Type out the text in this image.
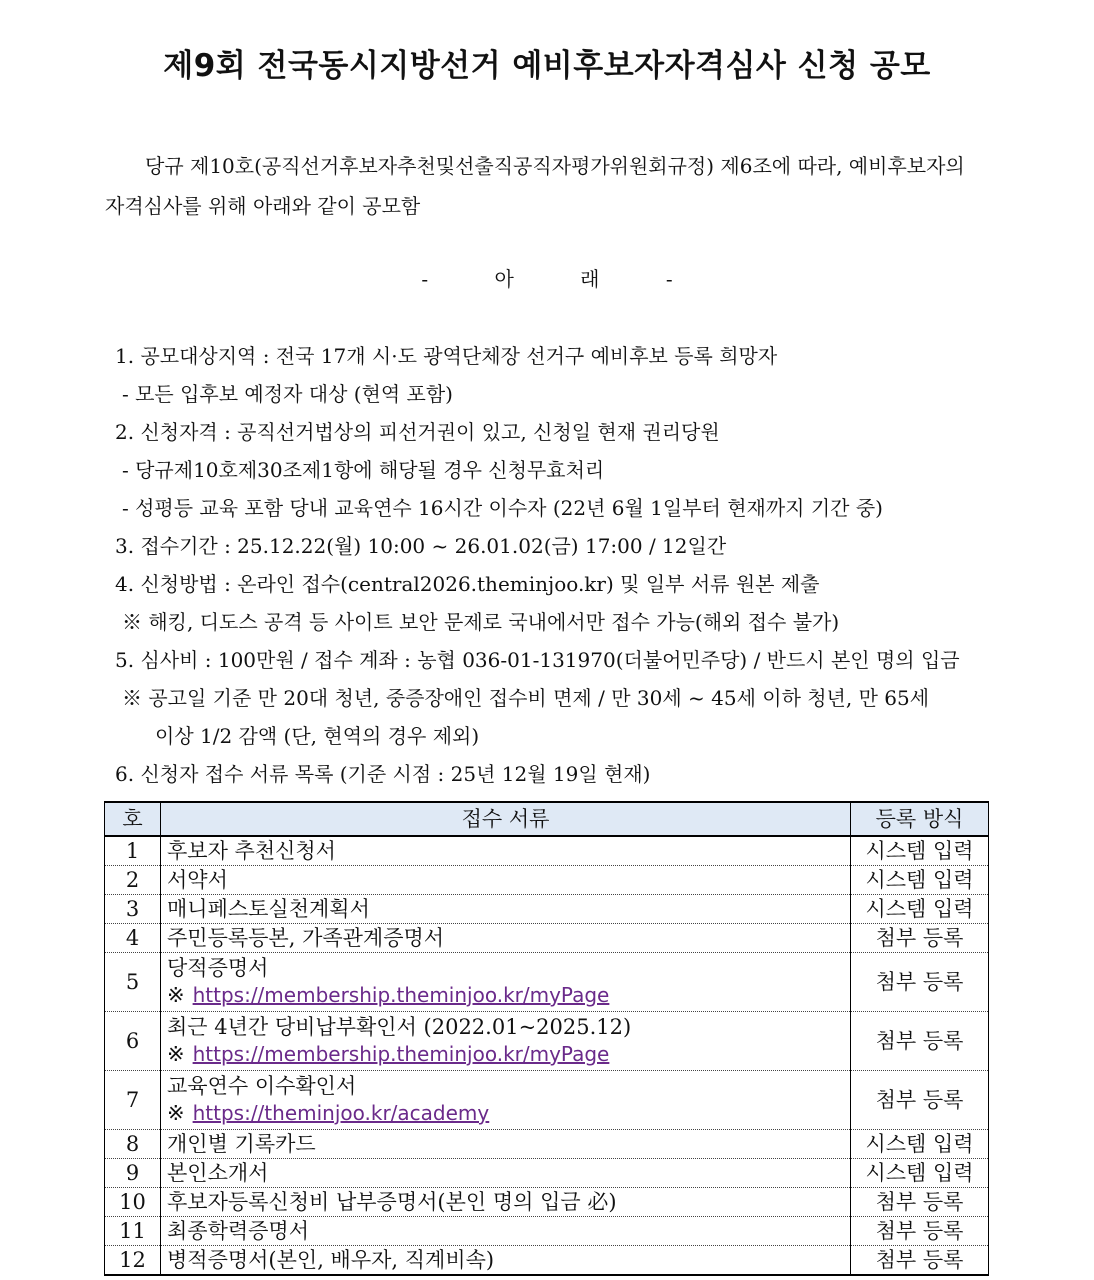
제9회 전국동시지방선거 예비후보자자격심사 신청 공모
당규 제10호(공직선거후보자추천및선출직공직자평가위원회규정) 제6조에 따라, 예비후보자의 자격심사를 위해 아래와 같이 공모함
- 아 래 -
1. 공모대상지역 : 전국 17개 시·도 광역단체장 선거구 예비후보 등록 희망자
- 모든 입후보 예정자 대상 (현역 포함)
2. 신청자격 : 공직선거법상의 피선거권이 있고, 신청일 현재 권리당원
- 당규제10호제30조제1항에 해당될 경우 신청무효처리
- 성평등 교육 포함 당내 교육연수 16시간 이수자 (22년 6월 1일부터 현재까지 기간 중)
3. 접수기간 : 25.12.22(월) 10:00 ~ 26.01.02(금) 17:00 / 12일간
4. 신청방법 : 온라인 접수(central2026.theminjoo.kr) 및 일부 서류 원본 제출
※ 해킹, 디도스 공격 등 사이트 보안 문제로 국내에서만 접수 가능(해외 접수 불가)
5. 심사비 : 100만원 / 접수 계좌 : 농협 036-01-131970(더불어민주당) / 반드시 본인 명의 입금
※ 공고일 기준 만 20대 청년, 중증장애인 접수비 면제 / 만 30세 ~ 45세 이하 청년, 만 65세
이상 1/2 감액 (단, 현역의 경우 제외)
6. 신청자 접수 서류 목록 (기준 시점 : 25년 12월 19일 현재)
호	접수 서류	등록 방식
1	후보자 추천신청서	시스템 입력
2	서약서	시스템 입력
3	매니페스토실천계획서	시스템 입력
4	주민등록등본, 가족관계증명서	첨부 등록
5	당적증명서
※ https://membership.theminjoo.kr/myPage	첨부 등록
6	최근 4년간 당비납부확인서 (2022.01~2025.12)
※ https://membership.theminjoo.kr/myPage	첨부 등록
7	교육연수 이수확인서
※ https://theminjoo.kr/academy	첨부 등록
8	개인별 기록카드	시스템 입력
9	본인소개서	시스템 입력
10	후보자등록신청비 납부증명서(본인 명의 입금 必)	첨부 등록
11	최종학력증명서	첨부 등록
12	병적증명서(본인, 배우자, 직계비속)	첨부 등록
